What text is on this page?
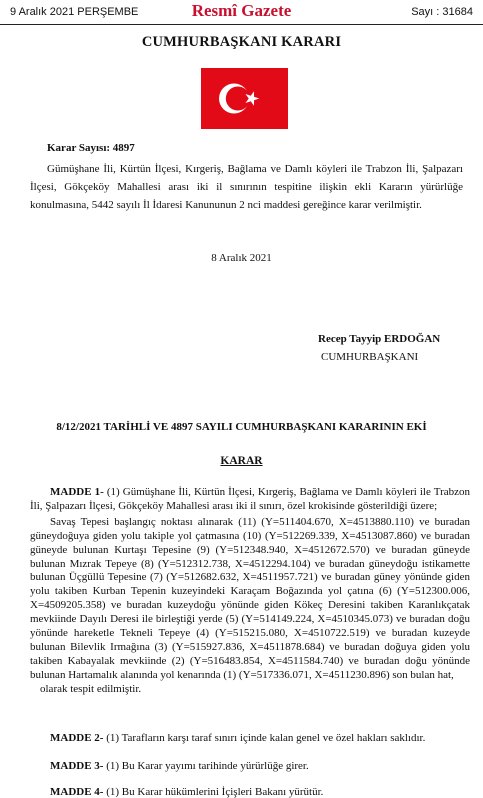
9 Aralık 2021 PERŞEMBE	Resmî Gazete	Sayı : 31684
CUMHURBAŞKANI KARARI
Karar Sayısı: 4897

Gümüşhane İli, Kürtün İlçesi, Kırgeriş, Bağlama ve Damlı köyleri ile Trabzon İli, Şalpazarı İlçesi, Gökçeköy Mahallesi arası iki il sınırının tespitine ilişkin ekli Kararın yürürlüğe konulmasına, 5442 sayılı İl İdaresi Kanununun 2 nci maddesi gereğince karar verilmiştir.

8 Aralık 2021
Recep Tayyip ERDOĞAN
CUMHURBAŞKANI
8/12/2021 TARİHLİ VE 4897 SAYILI CUMHURBAŞKANI KARARININ EKİ
KARAR

MADDE 1- (1) Gümüşhane İli, Kürtün İlçesi, Kırgeriş, Bağlama ve Damlı köyleri ile Trabzon İli, Şalpazarı İlçesi, Gökçeköy Mahallesi arası iki il sınırı, özel krokisinde gösterildiği üzere;

Savaş Tepesi başlangıç noktası alınarak (11) (Y=511404.670, X=4513880.110) ve buradan güneydoğuya giden yolu takiple yol çatmasına (10) (Y=512269.339, X=4513087.860) ve buradan güneyde bulunan Kurtaşı Tepesine (9) (Y=512348.940, X=4512672.570) ve buradan güneyde bulunan Mızrak Tepeye (8) (Y=512312.738, X=4512294.104) ve buradan güneydoğu istikamette bulunan Üçgüllü Tepesine (7) (Y=512682.632, X=4511957.721) ve buradan güney yönünde giden yolu takiben Kurban Tepenin kuzeyindeki Karaçam Boğazında yol çatına (6) (Y=512300.006, X=4509205.358) ve buradan kuzeydoğu yönünde giden Kökeç Deresini takiben Karanlıkçatak mevkiinde Dayılı Deresi ile birleştiği yerde (5) (Y=514149.224, X=4510345.073) ve buradan doğu yönünde hareketle Tekneli Tepeye (4) (Y=515215.080, X=4510722.519) ve buradan kuzeyde bulunan Bilevlik Irmağına (3) (Y=515927.836, X=4511878.684) ve buradan doğuya giden yolu takiben Kabayalak mevkiinde (2) (Y=516483.854, X=4511584.740) ve buradan doğu yönünde bulunan Hartamalık alanında yol kenarında (1) (Y=517336.071, X=4511230.896) son bulan hat,

olarak tespit edilmiştir.

MADDE 2- (1) Tarafların karşı taraf sınırı içinde kalan genel ve özel hakları saklıdır.

MADDE 3- (1) Bu Karar yayımı tarihinde yürürlüğe girer.

MADDE 4- (1) Bu Karar hükümlerini İçişleri Bakanı yürütür.
